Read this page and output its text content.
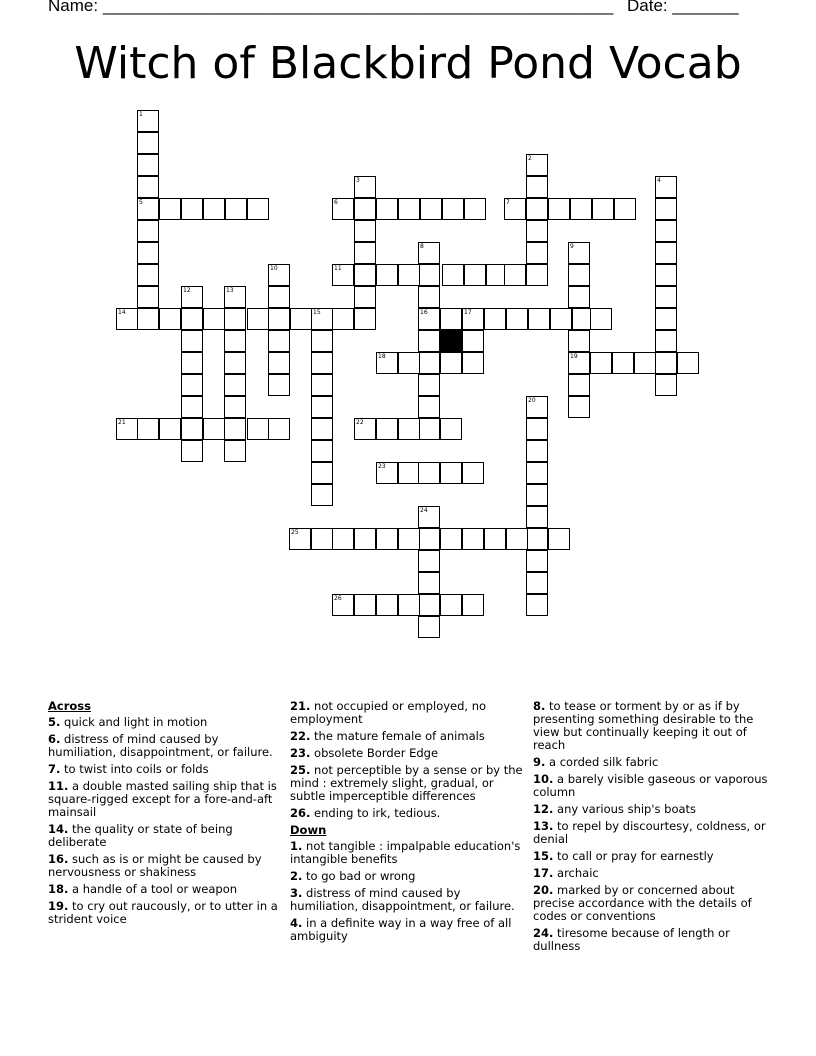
Name: ______________________________________________________ Date: _______
Witch of Blackbird Pond Vocab
1
5	6
3
7
2
4
8
16
9
19
10	11
12	13
14	15	17
18
21	22
20
23
24
25
26
Across
5. quick and light in motion
6. distress of mind caused by humiliation, disappointment, or failure.
7. to twist into coils or folds
11. a double masted sailing ship that is square-rigged except for a fore-and-aft mainsail
14. the quality or state of being deliberate
16. such as is or might be caused by nervousness or shakiness
18. a handle of a tool or weapon
19. to cry out raucously, or to utter in a strident voice
21. not occupied or employed, no employment
22. the mature female of animals
23. obsolete Border Edge
25. not perceptible by a sense or by the mind : extremely slight, gradual, or subtle imperceptible differences
26. ending to irk, tedious.
Down
1. not tangible : impalpable education's intangible benefits
2. to go bad or wrong
3. distress of mind caused by humiliation, disappointment, or failure.
4. in a definite way in a way free of all ambiguity
8. to tease or torment by or as if by presenting something desirable to the view but continually keeping it out of reach
9. a corded silk fabric
10. a barely visible gaseous or vaporous column
12. any various ship's boats
13. to repel by discourtesy, coldness, or denial
15. to call or pray for earnestly
17. archaic
20. marked by or concerned about precise accordance with the details of codes or conventions
24. tiresome because of length or dullness
